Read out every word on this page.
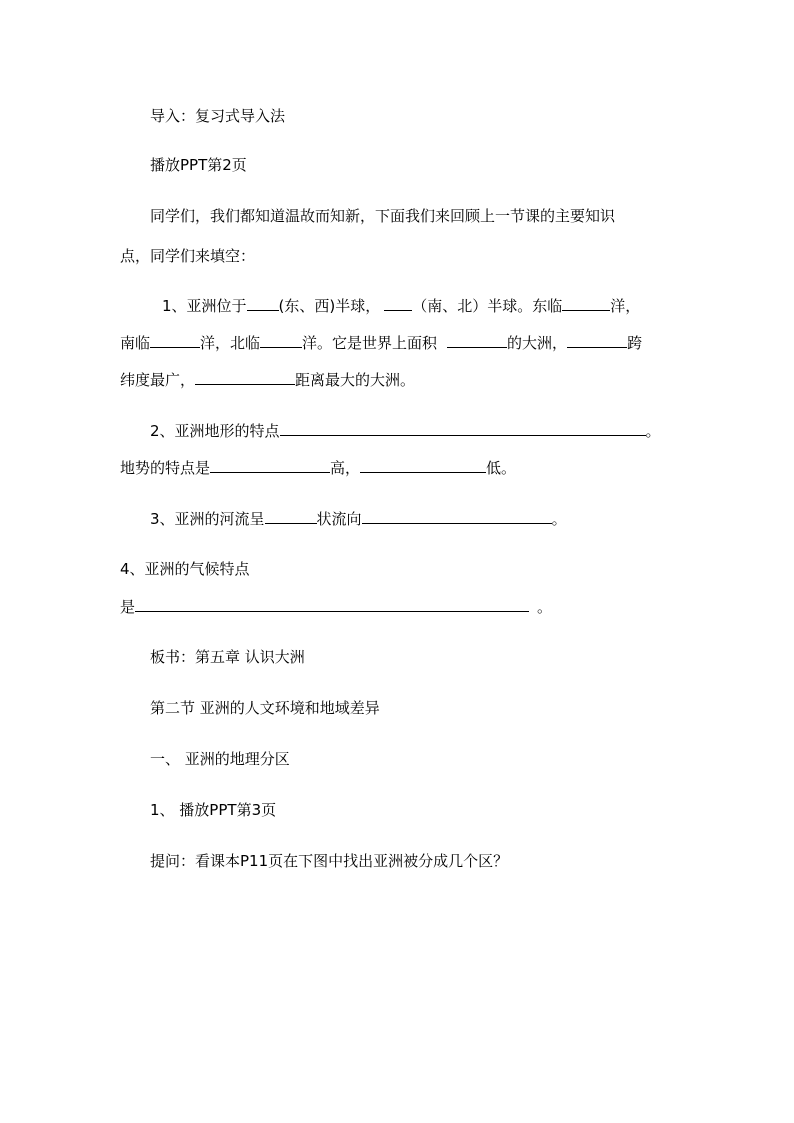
导入：复习式导入法
播放PPT第2页
同学们，我们都知道温故而知新，下面我们来回顾上一节课的主要知识
点，同学们来填空：
1、亚洲位于 (东、西)半球， （南、北）半球。东临	洋，
南临	洋，北临	洋。它是世界上面积	的大洲，	跨
纬度最广，	距离最大的大洲。
2、亚洲地形的特点	。
地势的特点是	高，	低。
3、亚洲的河流呈	状流向	。
4、亚洲的气候特点
是	。
板书：第五章 认识大洲
第二节 亚洲的人文环境和地域差异
一、 亚洲的地理分区
1、 播放PPT第3页
提问：看课本P11页在下图中找出亚洲被分成几个区？
